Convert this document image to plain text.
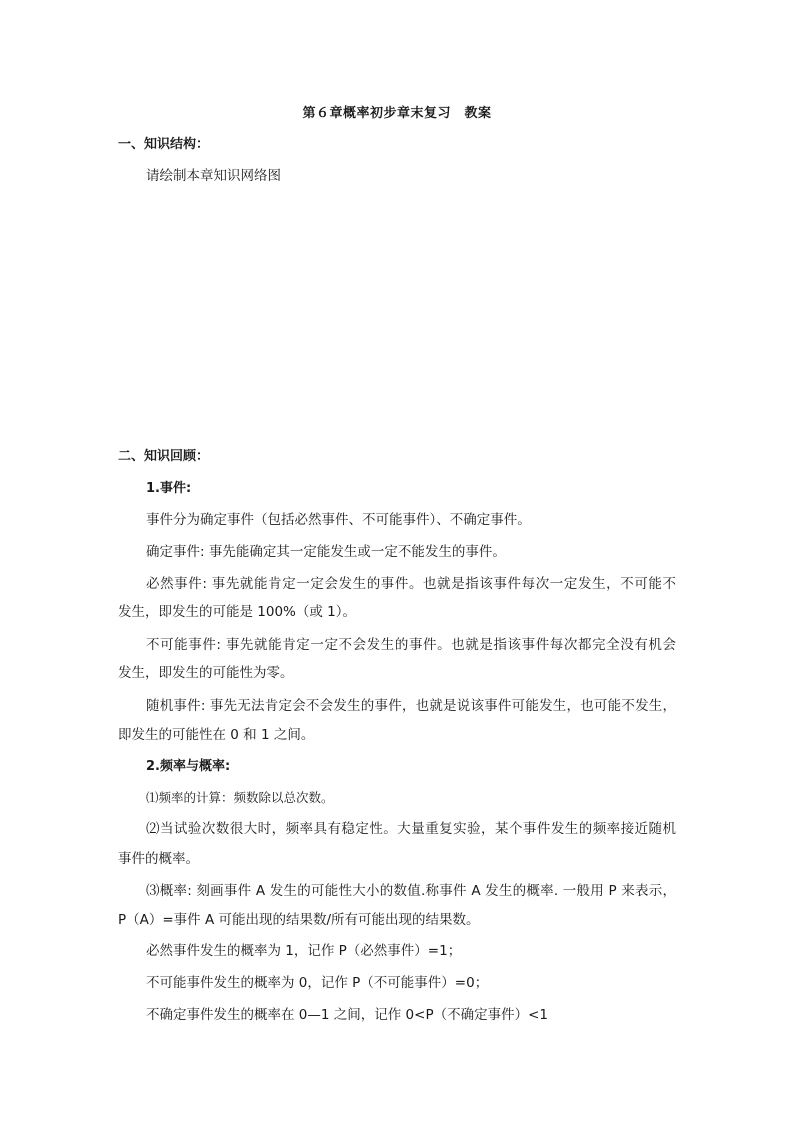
第６章概率初步章末复习　教案
一、知识结构：
请绘制本章知识网络图
二、知识回顾：
1.事件:
事件分为确定事件（包括必然事件、不可能事件）、不确定事件。
确定事件: 事先能确定其一定能发生或一定不能发生的事件。
必然事件: 事先就能肯定一定会发生的事件。也就是指该事件每次一定发生，不可能不
发生，即发生的可能是 100%（或 1）。
不可能事件: 事先就能肯定一定不会发生的事件。也就是指该事件每次都完全没有机会
发生，即发生的可能性为零。
随机事件: 事先无法肯定会不会发生的事件，也就是说该事件可能发生，也可能不发生，
即发生的可能性在 0 和 1 之间。
2.频率与概率:
⑴频率的计算：频数除以总次数。
⑵当试验次数很大时，频率具有稳定性。大量重复实验，某个事件发生的频率接近随机
事件的概率。
⑶概率: 刻画事件 A 发生的可能性大小的数值.称事件 A 发生的概率. 一般用 P 来表示，
P（A）=事件 A 可能出现的结果数/所有可能出现的结果数。
必然事件发生的概率为 1，记作 P（必然事件）=1；
不可能事件发生的概率为 0，记作 P（不可能事件）=0；
不确定事件发生的概率在 0—1 之间，记作 0<P（不确定事件）<1
